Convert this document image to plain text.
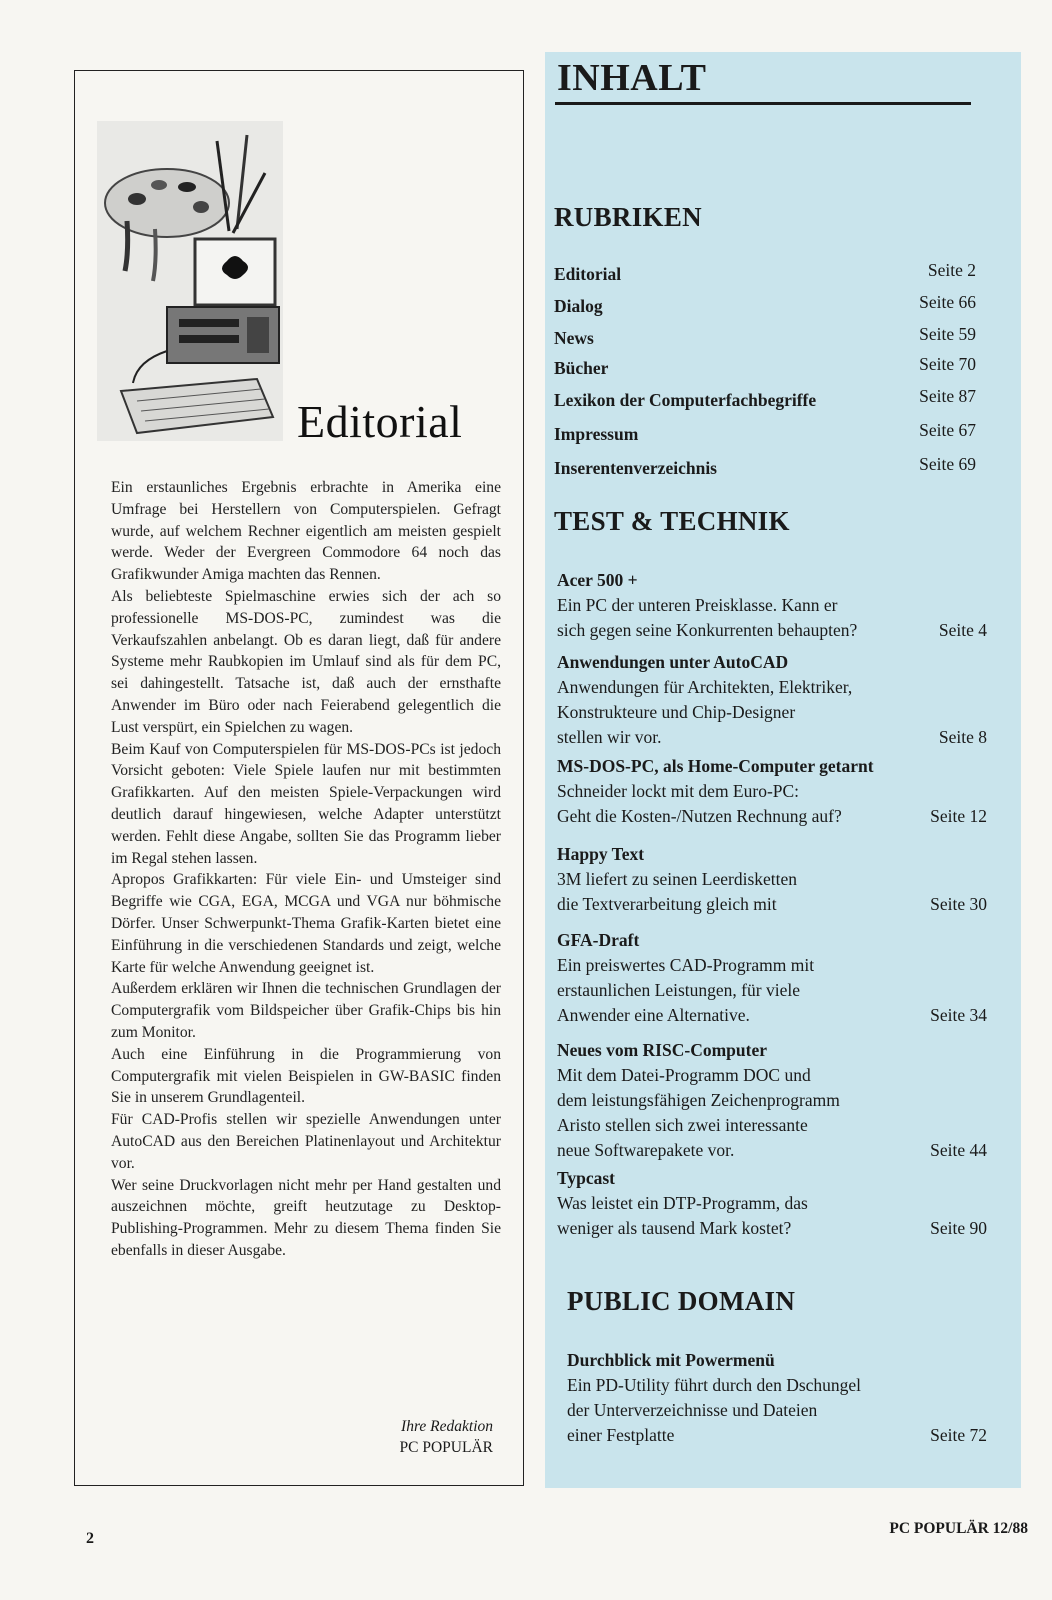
Editorial

Ein erstaunliches Ergebnis erbrachte in Amerika eine Umfrage bei Herstellern von Computerspielen. Gefragt wurde, auf welchem Rechner eigentlich am meisten gespielt werde. Weder der Evergreen Commodore 64 noch das Grafikwunder Amiga machten das Rennen.

Als beliebteste Spielmaschine erwies sich der ach so professionelle MS-DOS-PC, zumindest was die Verkaufszahlen anbelangt. Ob es daran liegt, daß für andere Systeme mehr Raubkopien im Umlauf sind als für dem PC, sei dahingestellt. Tatsache ist, daß auch der ernsthafte Anwender im Büro oder nach Feierabend gelegentlich die Lust verspürt, ein Spielchen zu wagen.

Beim Kauf von Computerspielen für MS-DOS-PCs ist jedoch Vorsicht geboten: Viele Spiele laufen nur mit bestimmten Grafikkarten. Auf den meisten Spiele-Verpackungen wird deutlich darauf hingewiesen, welche Adapter unterstützt werden. Fehlt diese Angabe, sollten Sie das Programm lieber im Regal stehen lassen.

Apropos Grafikkarten: Für viele Ein- und Umsteiger sind Begriffe wie CGA, EGA, MCGA und VGA nur böhmische Dörfer. Unser Schwerpunkt-Thema Grafik-Karten bietet eine Einführung in die verschiedenen Standards und zeigt, welche Karte für welche Anwendung geeignet ist.

Außerdem erklären wir Ihnen die technischen Grundlagen der Computergrafik vom Bildspeicher über Grafik-Chips bis hin zum Monitor.

Auch eine Einführung in die Programmierung von Computergrafik mit vielen Beispielen in GW-BASIC finden Sie in unserem Grundlagenteil.

Für CAD-Profis stellen wir spezielle Anwendungen unter AutoCAD aus den Bereichen Platinenlayout und Architektur vor.

Wer seine Druckvorlagen nicht mehr per Hand gestalten und auszeichnen möchte, greift heutzutage zu Desktop-Publishing-Programmen. Mehr zu diesem Thema finden Sie ebenfalls in dieser Ausgabe.

Ihre Redaktion
PC POPULÄR
INHALT
RUBRIKEN
Editorial	Seite 2
Dialog	Seite 66
News	Seite 59
Bücher	Seite 70
Lexikon der Computerfachbegriffe	Seite 87
Impressum	Seite 67
Inserentenverzeichnis	Seite 69
TEST & TECHNIK
Acer 500 +
Ein PC der unteren Preisklasse. Kann er
sich gegen seine Konkurrenten behaupten?	Seite 4
Anwendungen unter AutoCAD
Anwendungen für Architekten, Elektriker,
Konstrukteure und Chip-Designer
stellen wir vor.	Seite 8
MS-DOS-PC, als Home-Computer getarnt
Schneider lockt mit dem Euro-PC:
Geht die Kosten-/Nutzen Rechnung auf?	Seite 12
Happy Text
3M liefert zu seinen Leerdisketten
die Textverarbeitung gleich mit	Seite 30
GFA-Draft
Ein preiswertes CAD-Programm mit
erstaunlichen Leistungen, für viele
Anwender eine Alternative.	Seite 34
Neues vom RISC-Computer
Mit dem Datei-Programm DOC und
dem leistungsfähigen Zeichenprogramm
Aristo stellen sich zwei interessante
neue Softwarepakete vor.	Seite 44
Typcast
Was leistet ein DTP-Programm, das
weniger als tausend Mark kostet?	Seite 90
PUBLIC DOMAIN
Durchblick mit Powermenü
Ein PD-Utility führt durch den Dschungel
der Unterverzeichnisse und Dateien
einer Festplatte	Seite 72
2
PC POPULÄR 12/88
